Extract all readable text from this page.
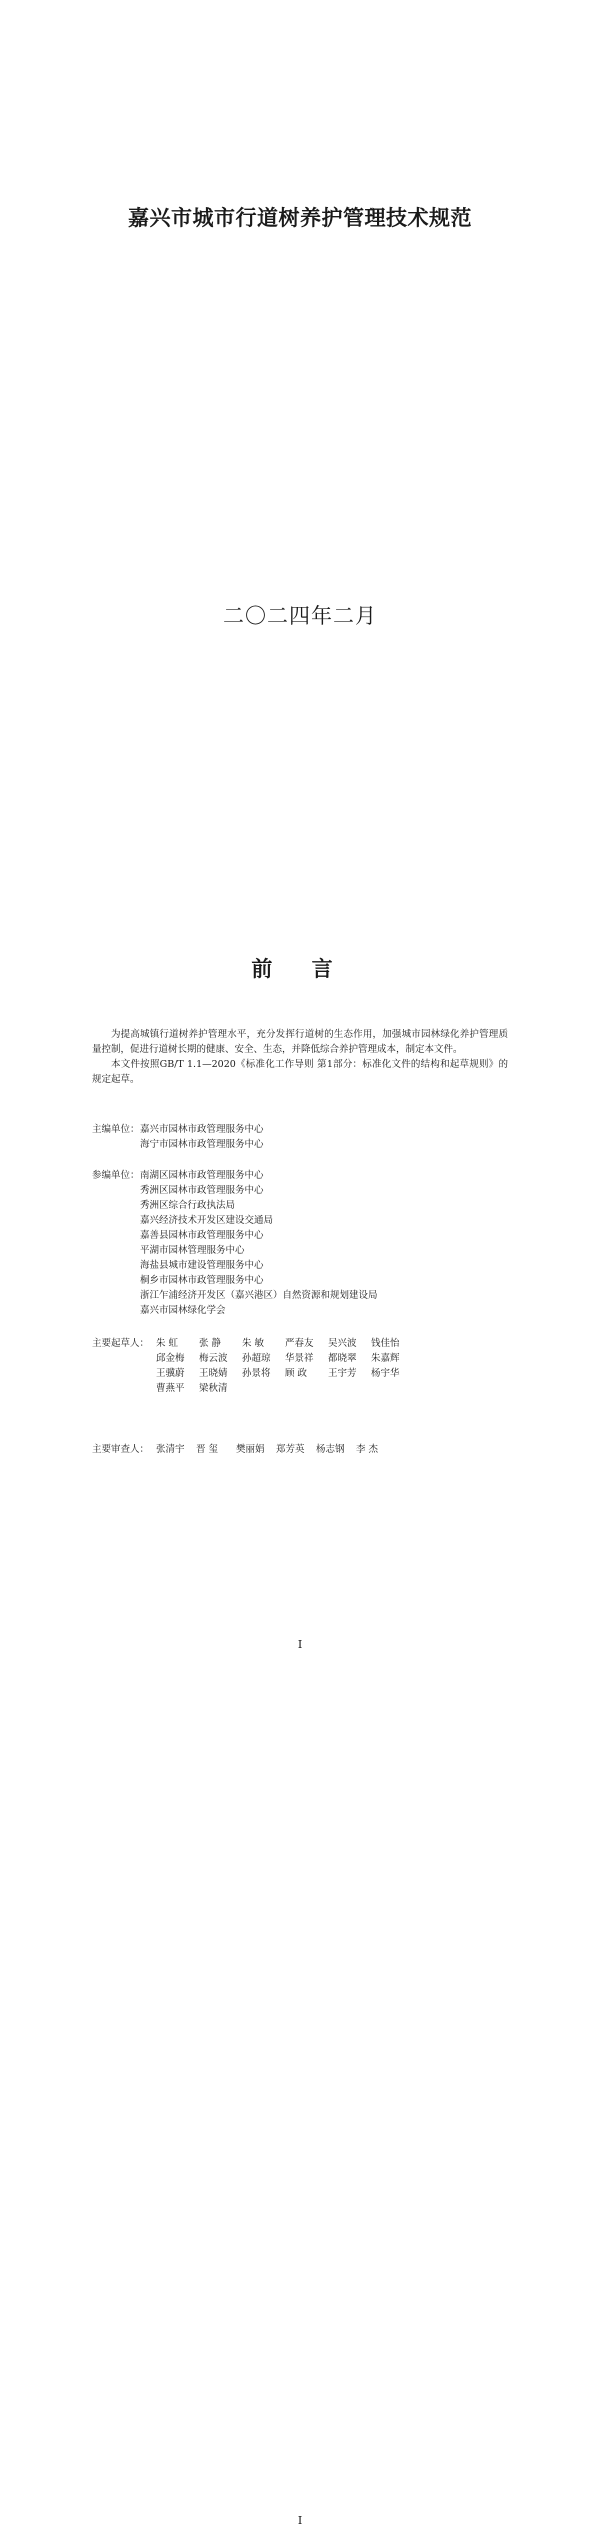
嘉兴市城市行道树养护管理技术规范
二〇二四年二月
前 言

为提高城镇行道树养护管理水平，充分发挥行道树的生态作用，加强城市园林绿化养护管理质量控制，促进行道树长期的健康、安全、生态，并降低综合养护管理成本，制定本文件。

本文件按照GB/T 1.1—2020《标准化工作导则 第1部分：标准化文件的结构和起草规则》的规定起草。

主编单位： 嘉兴市园林市政管理服务中心
海宁市园林市政管理服务中心
参编单位： 南湖区园林市政管理服务中心
秀洲区园林市政管理服务中心
秀洲区综合行政执法局
嘉兴经济技术开发区建设交通局
嘉善县园林市政管理服务中心
平湖市园林管理服务中心
海盐县城市建设管理服务中心
桐乡市园林市政管理服务中心
浙江乍浦经济开发区（嘉兴港区）自然资源和规划建设局
嘉兴市园林绿化学会
主要起草人： 朱 虹	张 静	朱 敏	严春友	吴兴波	钱佳怡
邱金梅	梅云波	孙超琼	华景祥	都晓翠	朱嘉辉
王骥蔚	王晓婧	孙景将	顾 政	王宇芳	杨宇华
曹燕平	梁秋清
主要审查人： 张清宇	晋 玺	樊丽娟	郑芳英	杨志钢	李 杰
I
I
